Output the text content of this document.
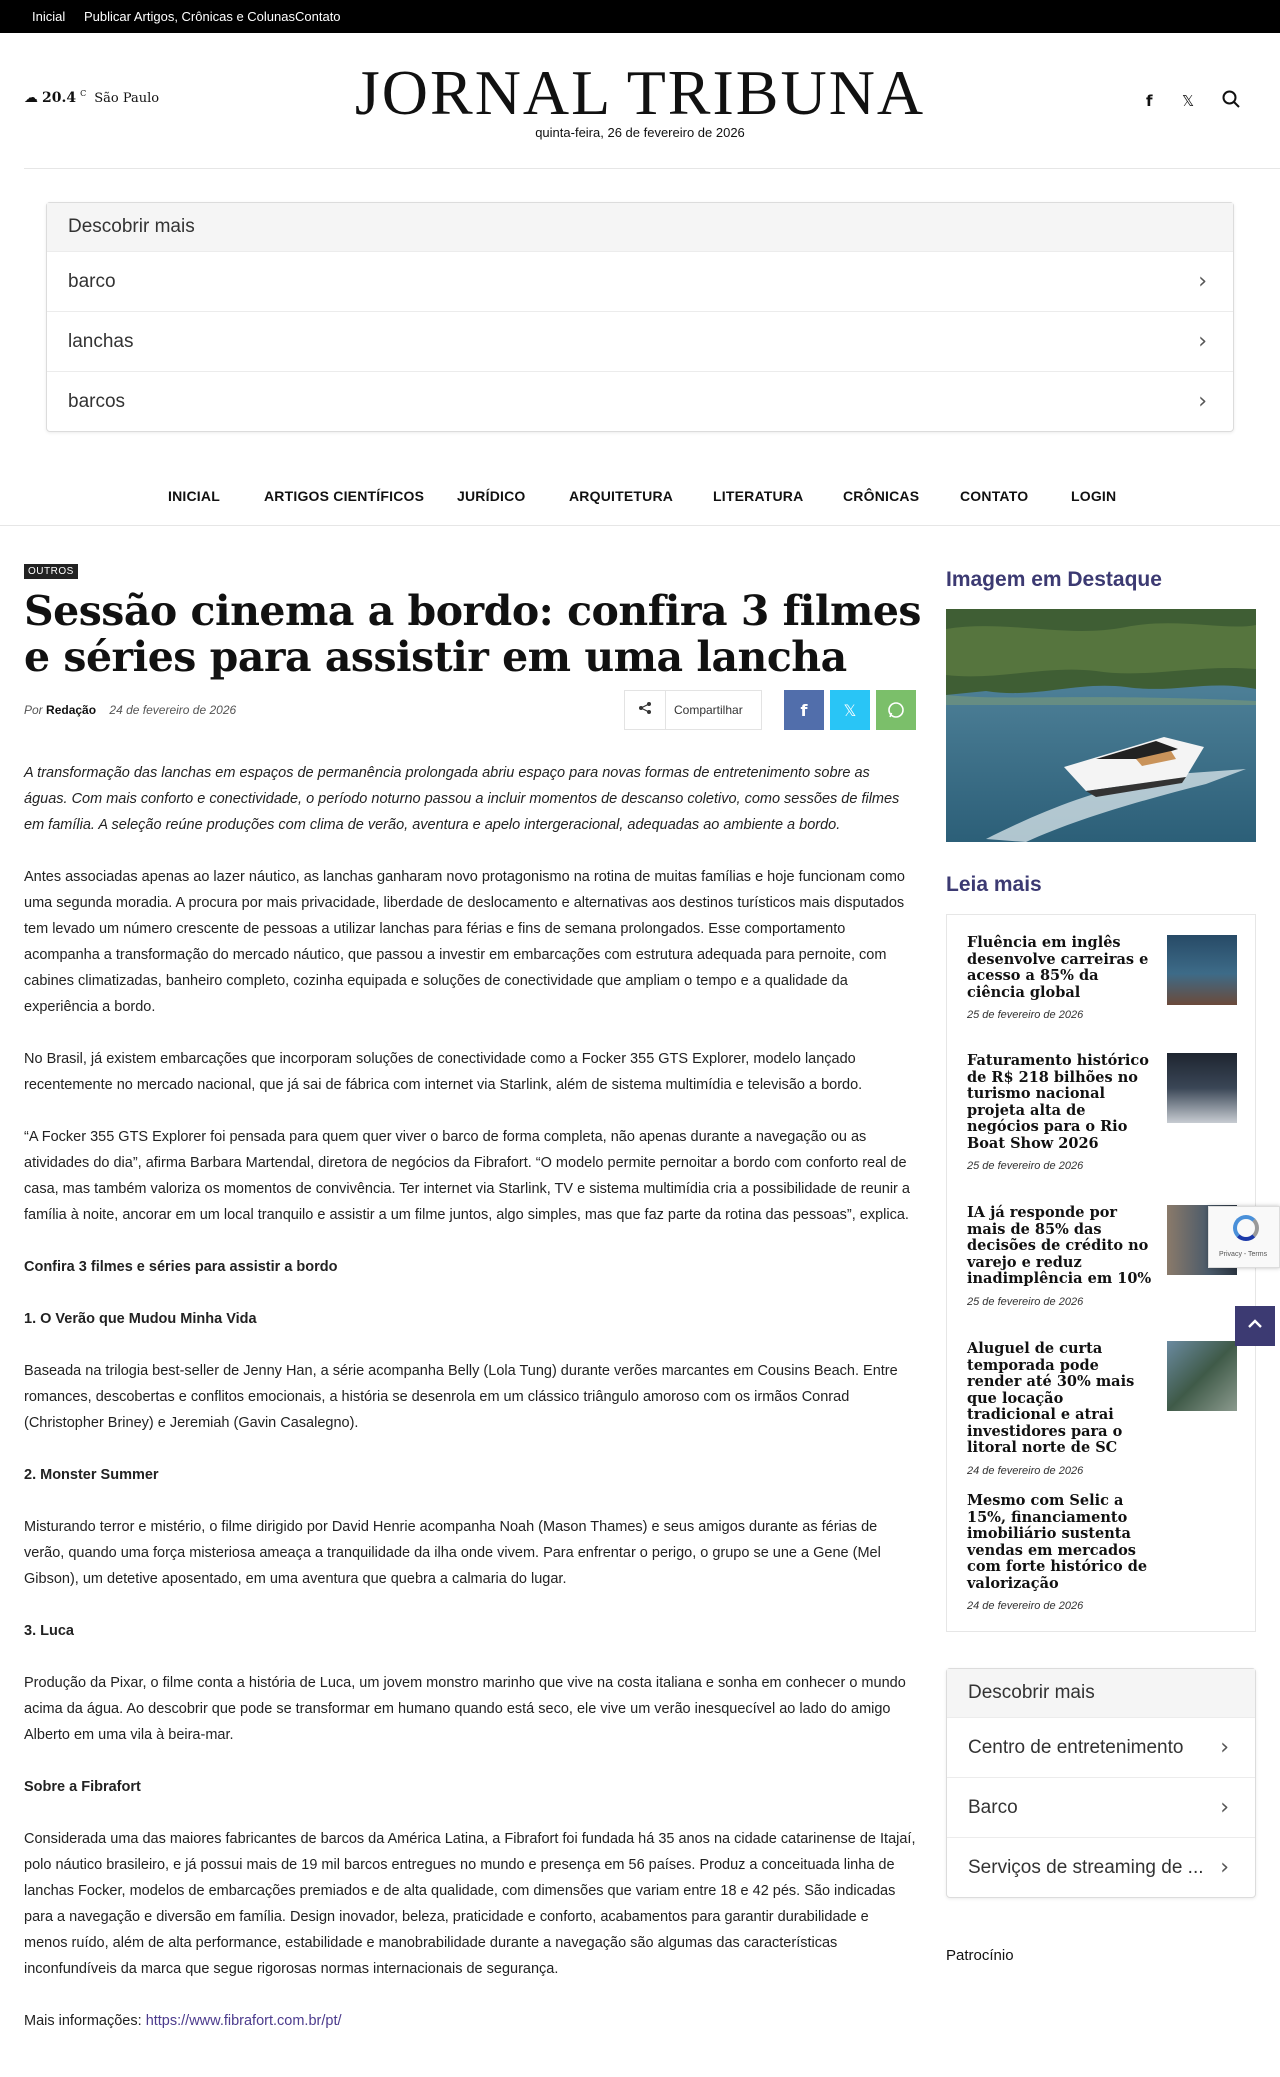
Inicial Publicar Artigos, Crônicas e Colunas Contato
☁ 20.4 $^C$ São Paulo	JORNAL TRIBUNA
quinta-feira, 26 de fevereiro de 2026
f 𝕏
Descobrir mais
barco	›
lanchas	›
barcos	›
INICIAL	ARTIGOS CIENTÍFICOS JURÍDICO	ARQUITETURA	LITERATURA	CRÔNICAS	CONTATO	LOGIN
OUTROS
Sessão cinema a bordo: confira 3 filmes e séries para assistir em uma lancha
Por Redação 24 de fevereiro de 2026	Compartilhar	f	𝕏

A transformação das lanchas em espaços de permanência prolongada abriu espaço para novas formas de entretenimento sobre as águas. Com mais conforto e conectividade, o período noturno passou a incluir momentos de descanso coletivo, como sessões de filmes em família. A seleção reúne produções com clima de verão, aventura e apelo intergeracional, adequadas ao ambiente a bordo.

Antes associadas apenas ao lazer náutico, as lanchas ganharam novo protagonismo na rotina de muitas famílias e hoje funcionam como uma segunda moradia. A procura por mais privacidade, liberdade de deslocamento e alternativas aos destinos turísticos mais disputados tem levado um número crescente de pessoas a utilizar lanchas para férias e fins de semana prolongados. Esse comportamento acompanha a transformação do mercado náutico, que passou a investir em embarcações com estrutura adequada para pernoite, com cabines climatizadas, banheiro completo, cozinha equipada e soluções de conectividade que ampliam o tempo e a qualidade da experiência a bordo.

No Brasil, já existem embarcações que incorporam soluções de conectividade como a Focker 355 GTS Explorer, modelo lançado recentemente no mercado nacional, que já sai de fábrica com internet via Starlink, além de sistema multimídia e televisão a bordo.

“A Focker 355 GTS Explorer foi pensada para quem quer viver o barco de forma completa, não apenas durante a navegação ou as atividades do dia”, afirma Barbara Martendal, diretora de negócios da Fibrafort. “O modelo permite pernoitar a bordo com conforto real de casa, mas também valoriza os momentos de convivência. Ter internet via Starlink, TV e sistema multimídia cria a possibilidade de reunir a família à noite, ancorar em um local tranquilo e assistir a um filme juntos, algo simples, mas que faz parte da rotina das pessoas”, explica.

Confira 3 filmes e séries para assistir a bordo

1. O Verão que Mudou Minha Vida

Baseada na trilogia best-seller de Jenny Han, a série acompanha Belly (Lola Tung) durante verões marcantes em Cousins Beach. Entre romances, descobertas e conflitos emocionais, a história se desenrola em um clássico triângulo amoroso com os irmãos Conrad (Christopher Briney) e Jeremiah (Gavin Casalegno).

2. Monster Summer

Misturando terror e mistério, o filme dirigido por David Henrie acompanha Noah (Mason Thames) e seus amigos durante as férias de verão, quando uma força misteriosa ameaça a tranquilidade da ilha onde vivem. Para enfrentar o perigo, o grupo se une a Gene (Mel Gibson), um detetive aposentado, em uma aventura que quebra a calmaria do lugar.

3. Luca

Produção da Pixar, o filme conta a história de Luca, um jovem monstro marinho que vive na costa italiana e sonha em conhecer o mundo acima da água. Ao descobrir que pode se transformar em humano quando está seco, ele vive um verão inesquecível ao lado do amigo Alberto em uma vila à beira-mar.

Sobre a Fibrafort

Considerada uma das maiores fabricantes de barcos da América Latina, a Fibrafort foi fundada há 35 anos na cidade catarinense de Itajaí, polo náutico brasileiro, e já possui mais de 19 mil barcos entregues no mundo e presença em 56 países. Produz a conceituada linha de lanchas Focker, modelos de embarcações premiados e de alta qualidade, com dimensões que variam entre 18 e 42 pés. São indicadas para a navegação e diversão em família. Design inovador, beleza, praticidade e conforto, acabamentos para garantir durabilidade e menos ruído, além de alta performance, estabilidade e manobrabilidade durante a navegação são algumas das características inconfundíveis da marca que segue rigorosas normas internacionais de segurança.

Mais informações: https://www.fibrafort.com.br/pt/

Imagem em Destaque
Leia mais
Fluência em inglês desenvolve carreiras e acesso a 85% da ciência global
25 de fevereiro de 2026
Faturamento histórico de R$ 218 bilhões no turismo nacional projeta alta de negócios para o Rio Boat Show 2026
25 de fevereiro de 2026
IA já responde por mais de 85% das decisões de crédito no varejo e reduz inadimplência em 10%
25 de fevereiro de 2026
Aluguel de curta temporada pode render até 30% mais que locação tradicional e atrai investidores para o litoral norte de SC
24 de fevereiro de 2026
Mesmo com Selic a 15%, financiamento imobiliário sustenta vendas em mercados com forte histórico de valorização
24 de fevereiro de 2026
Descobrir mais
Centro de entretenimento ›
Barco	›
Serviços de streaming de ... ›
Patrocínio
Privacy - Terms
